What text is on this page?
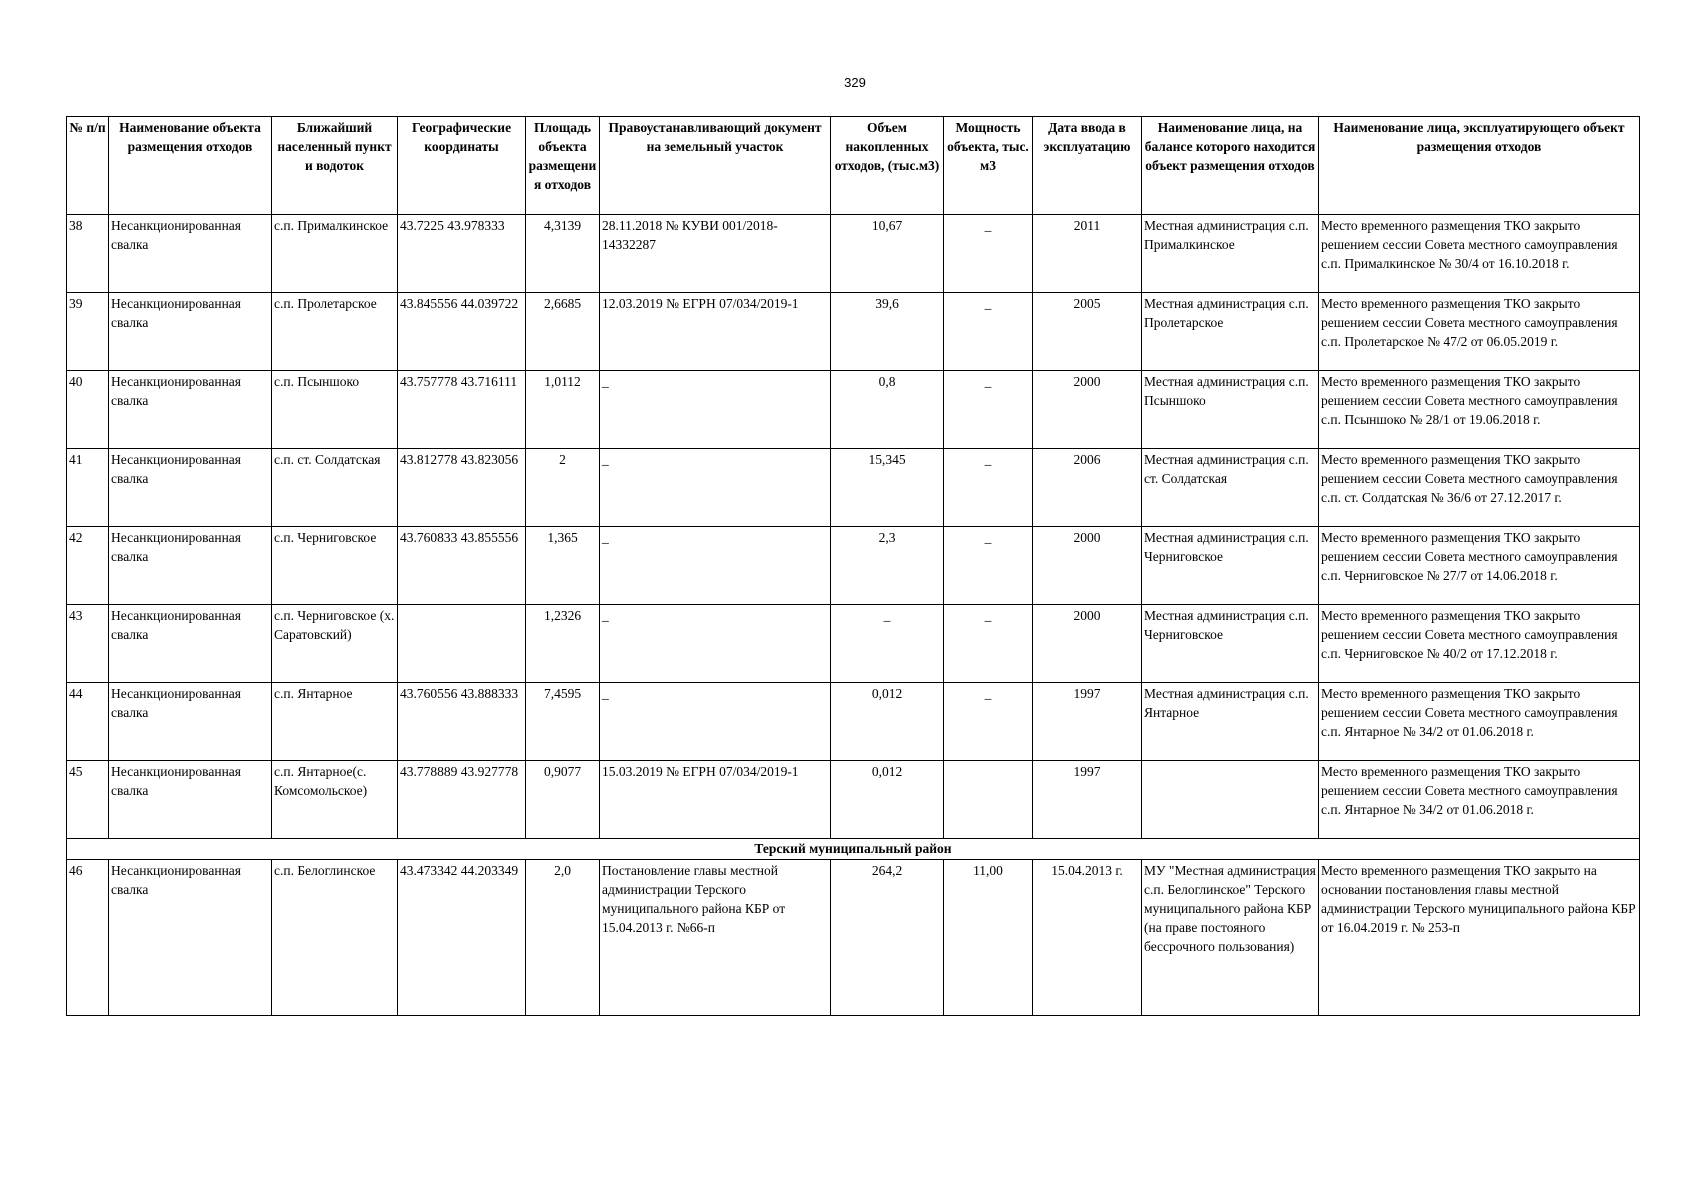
329
№ п/п	Наименование объекта размещения отходов	Ближайший населенный пункт и водоток	Географические координаты	Площадь объекта размещения отходов	Правоустанавливающий документ на земельный участок	Объем накопленных отходов, (тыс.м3)	Мощность объекта, тыс. м3	Дата ввода в эксплуатацию	Наименование лица, на балансе которого находится объект размещения отходов	Наименование лица, эксплуатирующего объект размещения отходов
38	Несанкционированная свалка	с.п. Прималкинское	43.7225 43.978333	4,3139	28.11.2018 № КУВИ 001/2018-14332287	10,67	_	2011	Местная администрация с.п. Прималкинское	Место временного размещения ТКО закрыто решением сессии Совета местного самоуправления с.п. Прималкинское № 30/4 от 16.10.2018 г.
39	Несанкционированная свалка	с.п. Пролетарское	43.845556 44.039722	2,6685	12.03.2019 № ЕГРН 07/034/2019-1	39,6	_	2005	Местная администрация с.п. Пролетарское	Место временного размещения ТКО закрыто решением сессии Совета местного самоуправления с.п. Пролетарское № 47/2 от 06.05.2019 г.
40	Несанкционированная свалка	с.п. Псыншоко	43.757778 43.716111	1,0112	_	0,8	_	2000	Местная администрация с.п. Псыншоко	Место временного размещения ТКО закрыто решением сессии Совета местного самоуправления с.п. Псыншоко № 28/1 от 19.06.2018 г.
41	Несанкционированная свалка	с.п. ст. Солдатская	43.812778 43.823056	2	_	15,345	_	2006	Местная администрация с.п. ст. Солдатская	Место временного размещения ТКО закрыто решением сессии Совета местного самоуправления с.п. ст. Солдатская № 36/6 от 27.12.2017 г.
42	Несанкционированная свалка	с.п. Черниговское	43.760833 43.855556	1,365	_	2,3	_	2000	Местная администрация с.п. Черниговское	Место временного размещения ТКО закрыто решением сессии Совета местного самоуправления с.п. Черниговское № 27/7 от 14.06.2018 г.
43	Несанкционированная свалка	с.п. Черниговское (х. Саратовский)		1,2326	_	_	_	2000	Местная администрация с.п. Черниговское	Место временного размещения ТКО закрыто решением сессии Совета местного самоуправления с.п. Черниговское № 40/2 от 17.12.2018 г.
44	Несанкционированная свалка	с.п. Янтарное	43.760556 43.888333	7,4595	_	0,012	_	1997	Местная администрация с.п. Янтарное	Место временного размещения ТКО закрыто решением сессии Совета местного самоуправления с.п. Янтарное № 34/2 от 01.06.2018 г.
45	Несанкционированная свалка	с.п. Янтарное(с. Комсомольское)	43.778889 43.927778	0,9077	15.03.2019 № ЕГРН 07/034/2019-1	0,012		1997		Место временного размещения ТКО закрыто решением сессии Совета местного самоуправления с.п. Янтарное № 34/2 от 01.06.2018 г.
Терский муниципальный район										
46	Несанкционированная свалка	с.п. Белоглинское	43.473342 44.203349	2,0	Постановление главы местной администрации Терского муниципального района КБР от 15.04.2013 г. №66-п	264,2	11,00	15.04.2013 г.	МУ "Местная администрация с.п. Белоглинское" Терского муниципального района КБР (на праве постояного бессрочного пользования)	Место временного размещения ТКО закрыто на основании постановления главы местной администрации Терского муниципального района КБР от 16.04.2019 г. № 253-п
